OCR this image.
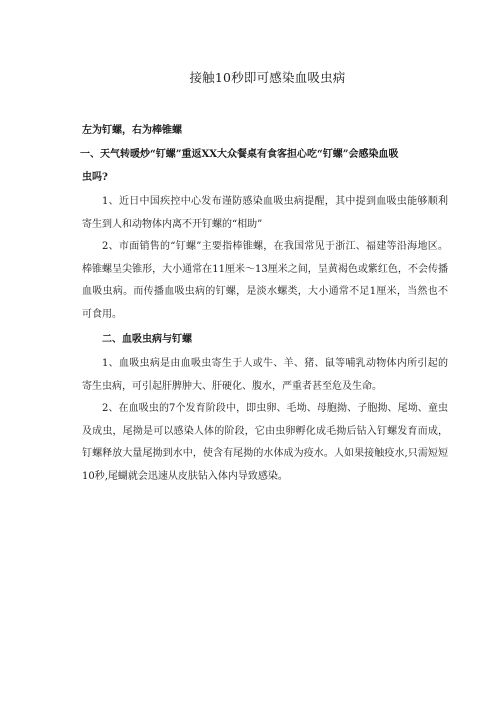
接触10秒即可感染血吸虫病

左为钉螺，右为棒锥螺

一、天气转暖炒“钉螺”重返XX大众餐桌有食客担心吃“钉螺”会感染血吸

虫吗?

1、近日中国疾控中心发布谨防感染血吸虫病提醒，其中提到血吸虫能够顺利寄生到人和动物体内离不开钉螺的“相助”

2、市面销售的“钉螺”主要指棒锥螺，在我国常见于浙江、福建等沿海地区。棒锥螺呈尖锥形，大小通常在11厘米～13厘米之间，呈黄褐色或紫红色，不会传播血吸虫病。而传播血吸虫病的钉螺，是淡水螺类，大小通常不足1厘米，当然也不可食用。

二、血吸虫病与钉螺

1、血吸虫病是由血吸虫寄生于人或牛、羊、猪、鼠等哺乳动物体内所引起的寄生虫病，可引起肝脾肿大、肝硬化、腹水，严重者甚至危及生命。

2、在血吸虫的7个发育阶段中，即虫卵、毛坳、母胞拗、子胞拗、尾坳、童虫及成虫，尾拗是可以感染人体的阶段，它由虫卵孵化成毛拗后钻入钉螺发育而成，钉螺释放大量尾拗到水中，使含有尾拗的水体成为疫水。人如果接触疫水,只需短短10秒,尾蝴就会迅速从皮肤钻入体内导致感染。
